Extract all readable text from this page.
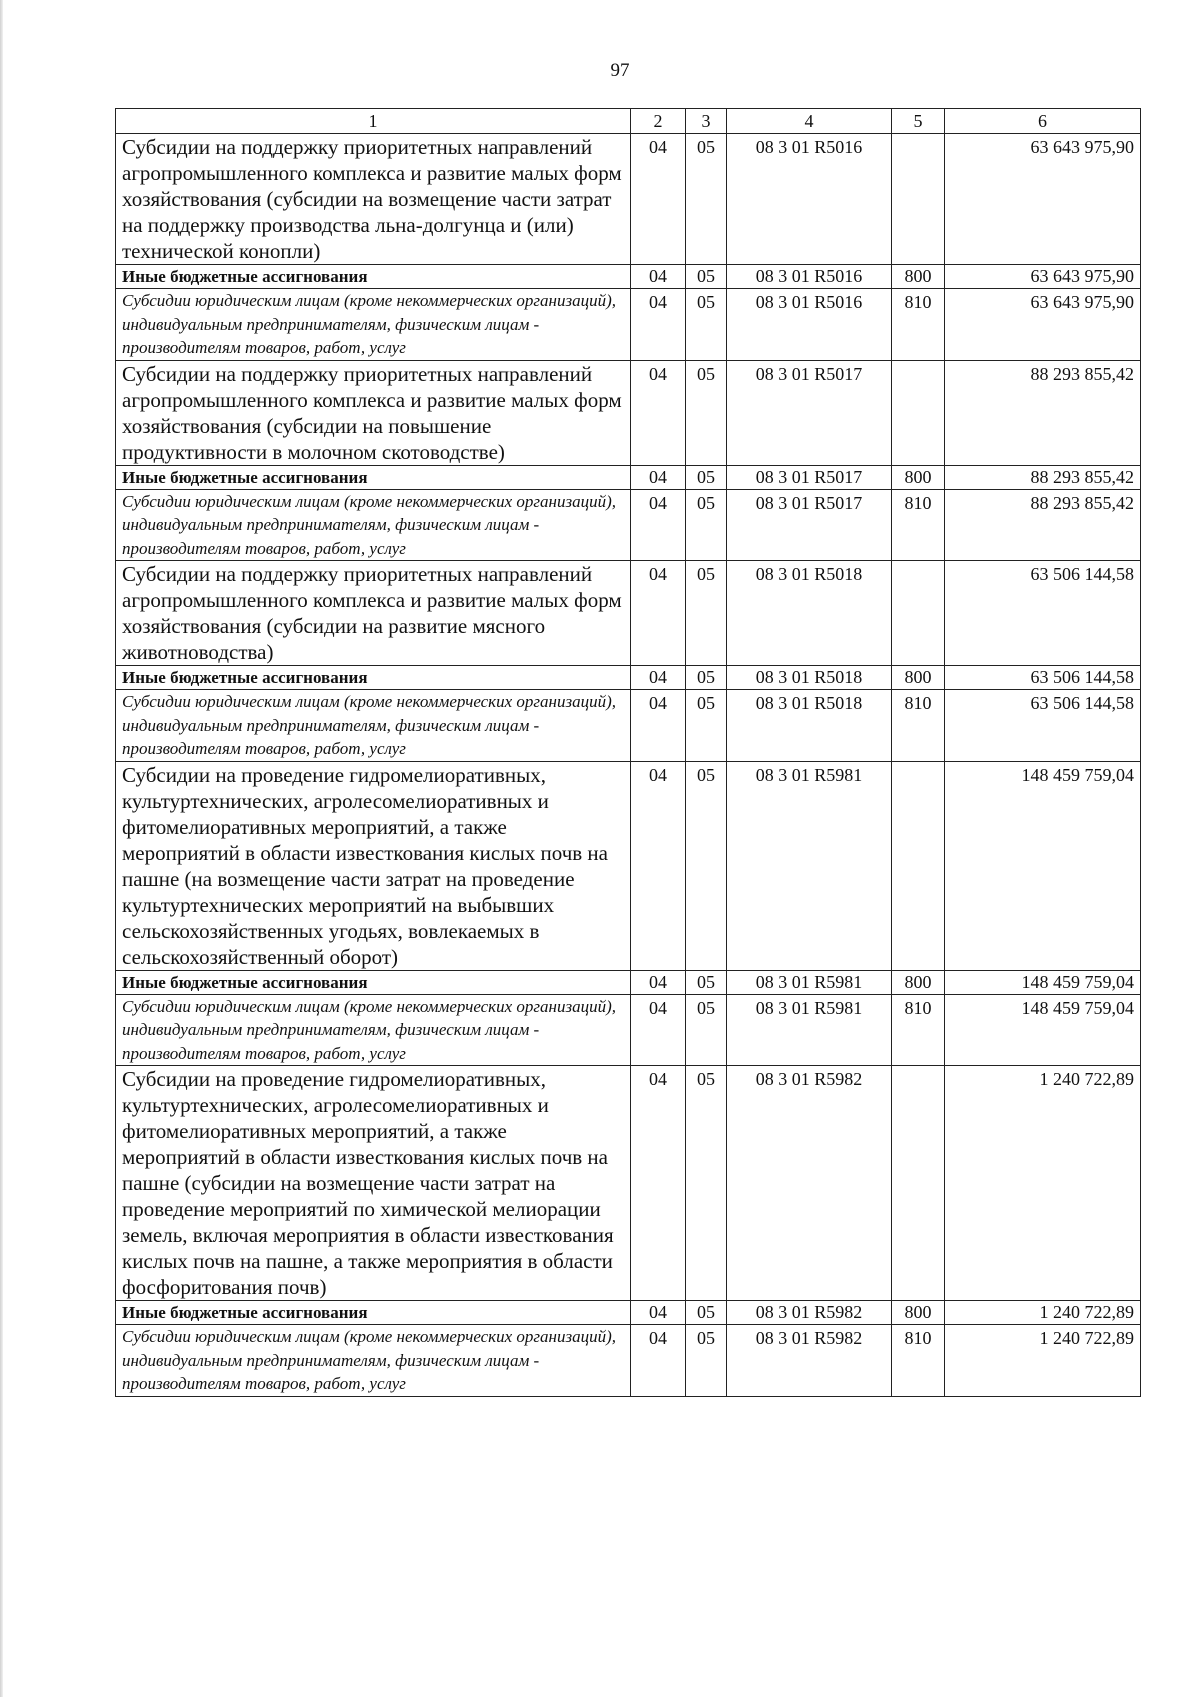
97
1	2	3	4	5	6
Субсидии на поддержку приоритетных направлений агропромышленного комплекса и развитие малых форм хозяйствования (субсидии на возмещение части затрат на поддержку производства льна-долгунца и (или) технической конопли)	04	05	08 3 01 R5016		63 643 975,90
Иные бюджетные ассигнования	04	05	08 3 01 R5016	800	63 643 975,90
Субсидии юридическим лицам (кроме некоммерческих организаций), индивидуальным предпринимателям, физическим лицам - производителям товаров, работ, услуг	04	05	08 3 01 R5016	810	63 643 975,90
Субсидии на поддержку приоритетных направлений агропромышленного комплекса и развитие малых форм хозяйствования (субсидии на повышение продуктивности в молочном скотоводстве)	04	05	08 3 01 R5017		88 293 855,42
Иные бюджетные ассигнования	04	05	08 3 01 R5017	800	88 293 855,42
Субсидии юридическим лицам (кроме некоммерческих организаций), индивидуальным предпринимателям, физическим лицам - производителям товаров, работ, услуг	04	05	08 3 01 R5017	810	88 293 855,42
Субсидии на поддержку приоритетных направлений агропромышленного комплекса и развитие малых форм хозяйствования (субсидии на развитие мясного животноводства)	04	05	08 3 01 R5018		63 506 144,58
Иные бюджетные ассигнования	04	05	08 3 01 R5018	800	63 506 144,58
Субсидии юридическим лицам (кроме некоммерческих организаций), индивидуальным предпринимателям, физическим лицам - производителям товаров, работ, услуг	04	05	08 3 01 R5018	810	63 506 144,58
Субсидии на проведение гидромелиоративных, культуртехнических, агролесомелиоративных и фитомелиоративных мероприятий, а также мероприятий в области известкования кислых почв на пашне (на возмещение части затрат на проведение культуртехнических мероприятий на выбывших сельскохозяйственных угодьях, вовлекаемых в сельскохозяйственный оборот)	04	05	08 3 01 R5981		148 459 759,04
Иные бюджетные ассигнования	04	05	08 3 01 R5981	800	148 459 759,04
Субсидии юридическим лицам (кроме некоммерческих организаций), индивидуальным предпринимателям, физическим лицам - производителям товаров, работ, услуг	04	05	08 3 01 R5981	810	148 459 759,04
Субсидии на проведение гидромелиоративных, культуртехнических, агролесомелиоративных и фитомелиоративных мероприятий, а также мероприятий в области известкования кислых почв на пашне (субсидии на возмещение части затрат на проведение мероприятий по химической мелиорации земель, включая мероприятия в области известкования кислых почв на пашне, а также мероприятия в области фосфоритования почв)	04	05	08 3 01 R5982		1 240 722,89
Иные бюджетные ассигнования	04	05	08 3 01 R5982	800	1 240 722,89
Субсидии юридическим лицам (кроме некоммерческих организаций), индивидуальным предпринимателям, физическим лицам - производителям товаров, работ, услуг	04	05	08 3 01 R5982	810	1 240 722,89
